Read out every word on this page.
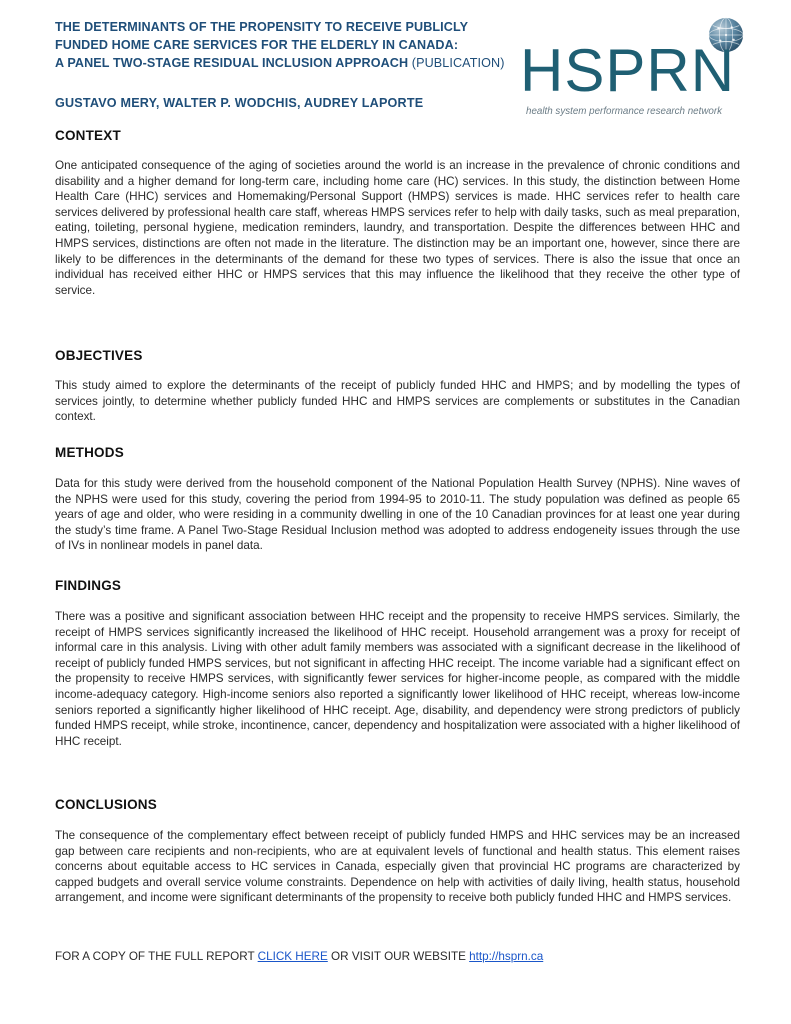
THE DETERMINANTS OF THE PROPENSITY TO RECEIVE PUBLICLY
FUNDED HOME CARE SERVICES FOR THE ELDERLY IN CANADA:
A PANEL TWO-STAGE RESIDUAL INCLUSION APPROACH (PUBLICATION)
GUSTAVO MERY, WALTER P. WODCHIS, AUDREY LAPORTE HSPRN
health system performance research network
CONTEXT
One anticipated consequence of the aging of societies around the world is an increase in the prevalence of chronic conditions and disability and a higher demand for long-term care, including home care (HC) services. In this study, the distinction between Home Health Care (HHC) services and Homemaking/Personal Support (HMPS) services is made. HHC services refer to health care services delivered by professional health care staff, whereas HMPS services refer to help with daily tasks, such as meal preparation, eating, toileting, personal hygiene, medication reminders, laundry, and transportation. Despite the differences between HHC and HMPS services, distinctions are often not made in the literature. The distinction may be an important one, however, since there are likely to be differences in the determinants of the demand for these two types of services. There is also the issue that once an individual has received either HHC or HMPS services that this may influence the likelihood that they receive the other type of service.
OBJECTIVES
This study aimed to explore the determinants of the receipt of publicly funded HHC and HMPS; and by modelling the types of services jointly, to determine whether publicly funded HHC and HMPS services are complements or substitutes in the Canadian context.
METHODS
Data for this study were derived from the household component of the National Population Health Survey (NPHS). Nine waves of the NPHS were used for this study, covering the period from 1994-95 to 2010-11. The study population was defined as people 65 years of age and older, who were residing in a community dwelling in one of the 10 Canadian provinces for at least one year during the study’s time frame. A Panel Two-Stage Residual Inclusion method was adopted to address endogeneity issues through the use of IVs in nonlinear models in panel data.
FINDINGS
There was a positive and significant association between HHC receipt and the propensity to receive HMPS services. Similarly, the receipt of HMPS services significantly increased the likelihood of HHC receipt. Household arrangement was a proxy for receipt of informal care in this analysis. Living with other adult family members was associated with a significant decrease in the likelihood of receipt of publicly funded HMPS services, but not significant in affecting HHC receipt. The income variable had a significant effect on the propensity to receive HMPS services, with significantly fewer services for higher-income people, as compared with the middle income-adequacy category. High-income seniors also reported a significantly lower likelihood of HHC receipt, whereas low-income seniors reported a significantly higher likelihood of HHC receipt. Age, disability, and dependency were strong predictors of publicly funded HMPS receipt, while stroke, incontinence, cancer, dependency and hospitalization were associated with a higher likelihood of HHC receipt.
CONCLUSIONS
The consequence of the complementary effect between receipt of publicly funded HMPS and HHC services may be an increased gap between care recipients and non-recipients, who are at equivalent levels of functional and health status. This element raises concerns about equitable access to HC services in Canada, especially given that provincial HC programs are characterized by capped budgets and overall service volume constraints. Dependence on help with activities of daily living, health status, household arrangement, and income were significant determinants of the propensity to receive both publicly funded HHC and HMPS services.
FOR A COPY OF THE FULL REPORT CLICK HERE OR VISIT OUR WEBSITE http://hsprn.ca
